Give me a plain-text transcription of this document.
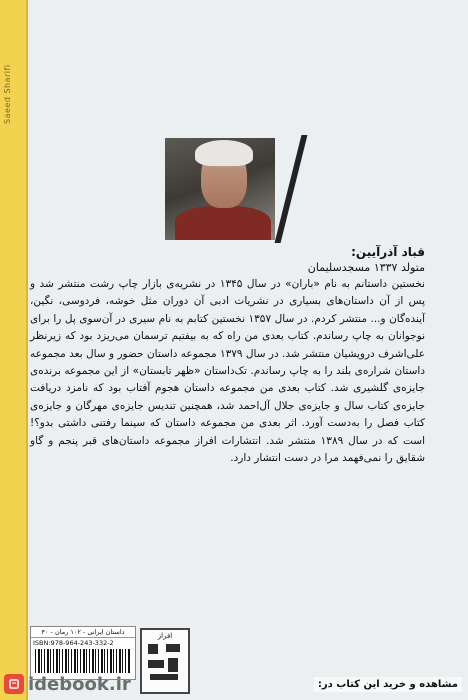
Saeed Sharifi

قباد آذرآیین:

متولد ۱۳۳۷ مسجدسلیمان

نخستین داستانم به نام «باران» در سال ۱۳۴۵ در نشریه‌ی بازار چاپ رشت منتشر شد و پس از آن داستان‌های بسیاری در نشریات ادبی آن دوران مثل خوشه، فردوسی، نگین، آینده‌گان و... منتشر کردم. در سال ۱۳۵۷ نخستین کتابم به نام سیری در آن‌سوی پل را برای نوجوانان به چاپ رساندم. کتاب بعدی من راه که به بیفتیم ترسمان می‌ریزد بود که زیرنظر علی‌اشرف درویشیان منتشر شد. در سال ۱۳۷۹ مجموعه داستان حضور و سال بعد مجموعه داستان شراره‌ی بلند را به چاپ رساندم. تک‌داستان «ظهر تابستان» از این مجموعه برنده‌ی جایزه‌ی گلشیری شد. کتاب بعدی من مجموعه داستان هجوم آفتاب بود که نامزد دریافت جایزه‌ی کتاب سال و جایزه‌ی جلال آل‌احمد شد، همچنین تندیس جایزه‌ی مهرگان و جایزه‌ی کتاب فصل را به‌دست آورد. اثر بعدی من مجموعه داستان که سینما رفتنی داشتی بدو؟! است که در سال ۱۳۸۹ منتشر شد. انتشارات افراز مجموعه داستان‌های قبر پنجم و گاو شقایق را نمی‌فهمد مرا در دست انتشار دارد.

داستان ایرانی - ۱۰۲ رمان - ۴۰
ISBN:978-964-243-332-2
افراز
idebook.ir	مشاهده و خرید این کتاب در:
